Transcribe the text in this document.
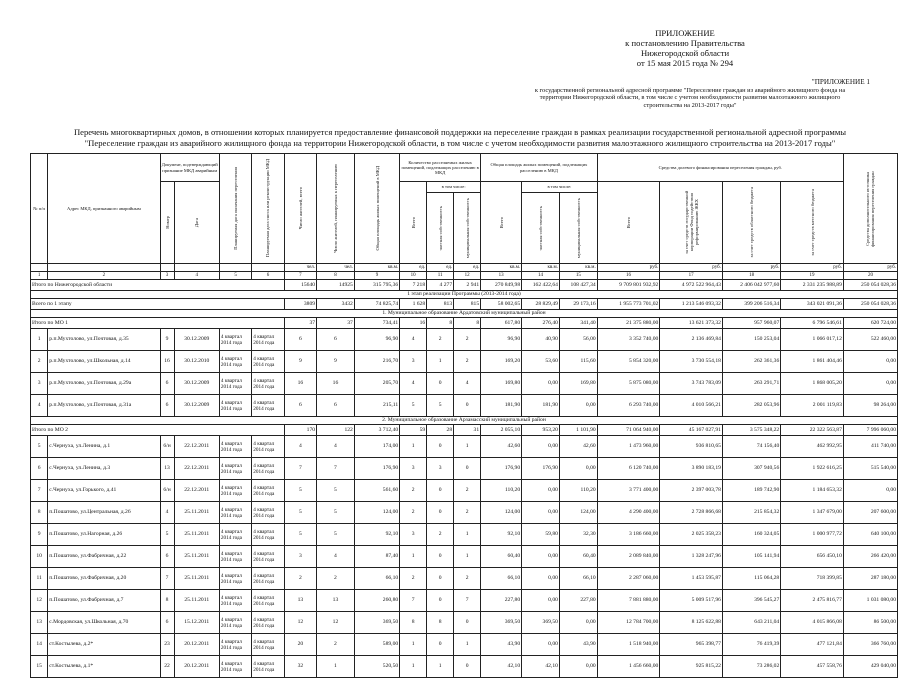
ПРИЛОЖЕНИЕ
к постановлению Правительства
Нижегородской области
от 15 мая 2015 года № 294
"ПРИЛОЖЕНИЕ 1
к государственной региональной адресной программе "Переселение граждан из аварийного жилищного фонда на
территории Нижегородской области, в том числе с учетом необходимости развития малоэтажного жилищного
строительства на 2013-2017 годы"
Перечень многоквартирных домов, в отношении которых планируется предоставление финансовой поддержки на переселение граждан в рамках реализации государственной региональной адресной программы
"Переселение граждан из аварийного жилищного фонда на территории Нижегородской области, в том числе с учетом необходимости развития малоэтажного жилищного строительства на 2013-2017 годы"
№ п/п	Адрес МКД, признанного аварийным	Документ, подтверждающий признание МКД аварийным		Планируемая дата окончания переселения	Планируемая дата сноса или реконструкции МКД	Число жителей, всего	Число жителей, планируемых к переселению	Общая площадь жилых помещений в МКД	Количество расселяемых жилых помещений, подлежащих расселению в МКД			Общая площадь жилых помещений, подлежащих расселению в МКД			Средства долевого финансирования переселения граждан, руб.				Средства дополнительного источника финансирования переселения граждан

		Номер	Дата						Всего	в том числе:		Всего	в том числе:		Всего	за счет средств государственной корпорации Фонд содействия реформированию ЖКХ	за счет средств областного бюджета	за счет средств местного бюджета	

										частная собственность	муниципальная собственность		частная собственность	муниципальная собственность					

						чел.	чел.	кв.м.	ед.	ед.	ед.	кв.м.	кв.м.	кв.м.	руб.	руб.	руб.	руб.	руб.
1	2	3	4	5	6	7	8	9	10	11	12	13	14	15	16	17	18	19	20
Итого по Нижегородской области						15640	14925	315 795,36	7 218	4 277	2 941	270 849,98	162 422,64	108 427,34	9 709 801 932,92	4 972 522 964,43	2 406 042 977,60	2 331 235 988,89	250 054 028,36
1 этап реализации Программы (2013-2014 года)																			
Всего по 1 этапу						3809	3432	74 825,74	1 628	813	815	58 002,65	28 829,49	29 173,16	1 955 773 701,02	1 213 546 093,32	399 206 516,34	343 021 091,36	250 054 028,36
1. Муниципальное образование Ардатовский муниципальный район																			
Итого по МО 1						37	37	734,41	16	8	8	617,80	276,40	341,40	21 375 880,00	13 621 373,32	957 960,07	6 796 546,61	620 724,00
1	р.п.Мухтолово, ул.Почтовая, д.35	9	30.12.2009	4 квартал 2014 года	4 квартал 2014 года	6	6	96,90	4	2	2	96,90	40,90	56,00	3 352 740,00	2 136 469,84	150 253,04	1 066 017,12	522 460,00
2	р.п.Мухтолово, ул.Школьная, д.14	16	30.12.2010	4 квартал 2014 года	4 квартал 2014 года	9	9	216,70	3	1	2	169,20	53,60	115,60	5 854 320,00	3 730 554,18	262 361,36	1 861 404,46	0,00
3	р.п.Мухтолово, ул.Почтовая, д.29а	6	30.12.2009	4 квартал 2014 года	4 квартал 2014 года	16	16	205,70	4	0	4	169,80	0,00	169,80	5 875 080,00	3 743 783,09	263 291,71	1 868 005,20	0,00
4	р.п.Мухтолово, ул.Почтовая, д.31а	6	30.12.2009	4 квартал 2014 года	4 квартал 2014 года	6	6	215,11	5	5	0	181,90	181,90	0,00	6 293 740,00	4 010 566,21	282 053,96	2 001 119,83	98 264,00
2. Муниципальное образование Арзамасский муниципальный район																			
Итого по МО 2						170	122	3 712,40	59	28	31	2 055,10	953,20	1 101,90	71 064 940,00	45 167 027,91	3 575 348,22	22 322 563,87	7 996 060,00
5	с.Чернуха, ул.Ленина, д.1	6/н	22.12.2011	4 квартал 2014 года	4 квартал 2014 года	4	4	174,00	1	0	1	42,60	0,00	42,60	1 473 960,00	936 810,65	74 156,40	462 992,95	411 740,00
6	с.Чернуха, ул.Ленина, д.3	13	22.12.2011	4 квартал 2014 года	4 квартал 2014 года	7	7	176,90	3	3	0	176,90	176,90	0,00	6 120 740,00	3 890 183,19	307 940,56	1 922 616,25	515 540,00
7	с.Чернуха, ул.Горького, д.41	6/н	22.12.2011	4 квартал 2014 года	4 квартал 2014 года	5	5	561,60	2	0	2	110,20	0,00	110,20	3 771 400,00	2 397 003,78	189 742,90	1 184 653,32	0,00
8	п.Пошатово, ул.Центральная, д.26	4	25.11.2011	4 квартал 2014 года	4 квартал 2014 года	5	5	124,00	2	0	2	124,00	0,00	124,00	4 290 400,00	2 728 866,68	215 854,32	1 347 679,00	207 600,00
9	п.Пошатово, ул.Нагорная, д.26	5	25.11.2011	4 квартал 2014 года	4 квартал 2014 года	5	5	92,10	3	2	1	92,10	59,80	32,30	3 186 660,00	2 025 358,23	160 324,05	1 000 977,72	640 100,00
10	п.Пошатово, ул.Фабричная, д.22	6	25.11.2011	4 квартал 2014 года	4 квартал 2014 года	3	4	87,40	1	0	1	60,40	0,00	60,40	2 089 840,00	1 328 247,96	105 141,94	656 450,10	266 420,00
11	п.Пошатово, ул.Фабричная, д.20	7	25.11.2011	4 квартал 2014 года	4 квартал 2014 года	2	2	66,10	2	0	2	66,10	0,00	66,10	2 287 060,00	1 453 595,87	115 064,28	718 399,85	287 180,00
12	п.Пошатово, ул.Фабричная, д.7	8	25.11.2011	4 квартал 2014 года	4 квартал 2014 года	13	13	260,80	7	0	7	227,80	0,00	227,80	7 881 880,00	5 009 517,96	396 545,27	2 475 816,77	1 031 080,00
13	с.Мордовская, ул.Школьная, д.70	6	15.12.2011	4 квартал 2014 года	4 квартал 2014 года	12	12	369,50	8	8	0	369,50	369,50	0,00	12 784 700,00	8 125 622,88	643 211,04	4 015 866,08	86 500,00
14	ст.Костылева, д.2*	23	20.12.2011	4 квартал 2014 года	4 квартал 2014 года	20	2	589,00	1	0	1	43,90	0,00	43,90	1 518 940,00	965 398,77	76 419,39	477 121,84	366 760,00
15	ст.Костылева, д.1*	22	20.12.2011	4 квартал 2014 года	4 квартал 2014 года	32	1	520,50	1	1	0	42,10	42,10	0,00	1 456 660,00	925 815,22	73 286,02	457 558,76	429 040,00
